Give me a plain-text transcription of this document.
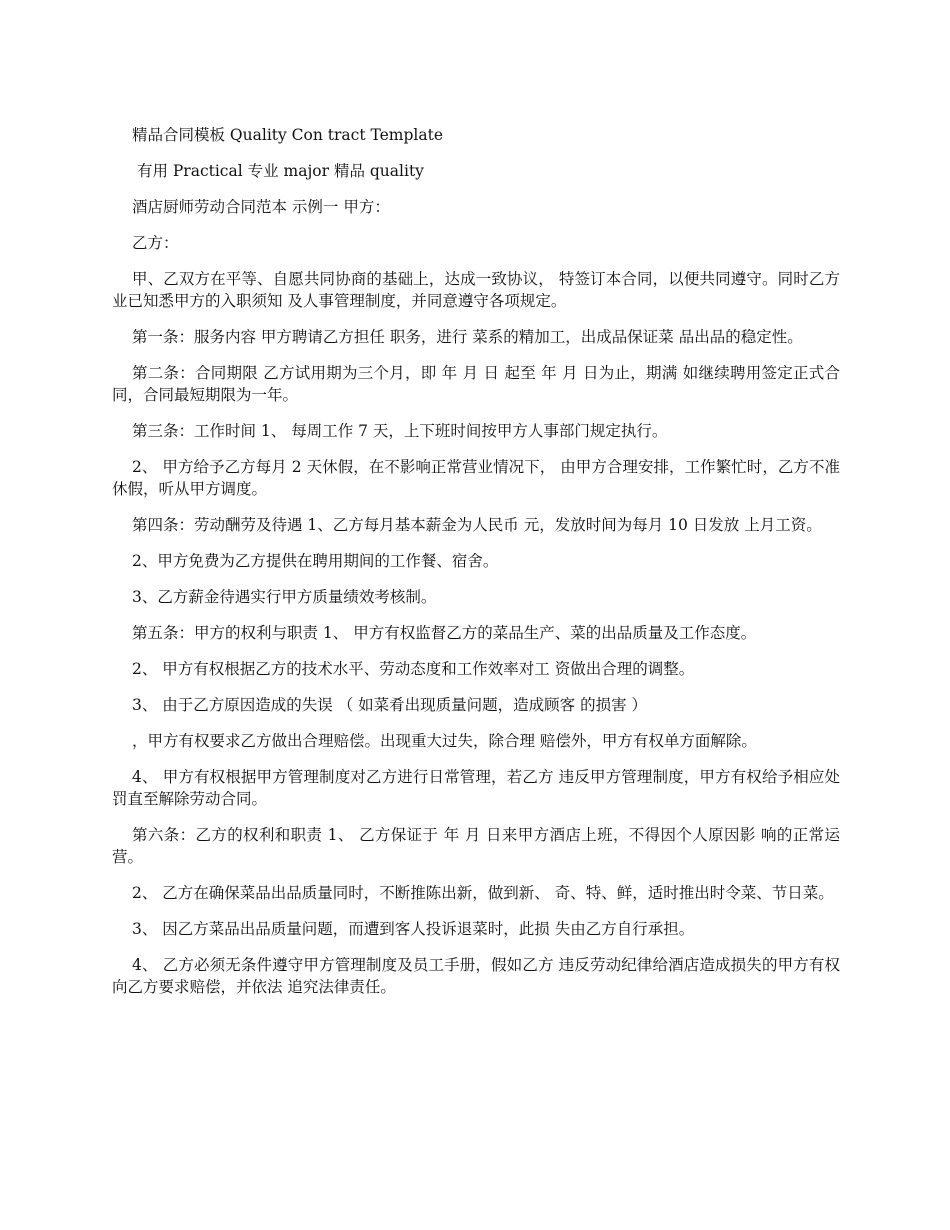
精品合同模板 Quality Con tract Template

有用 Practical 专业 major 精品 quality

酒店厨师劳动合同范本 示例一 甲方：

乙方：

甲、乙双方在平等、自愿共同协商的基础上，达成一致协议， 特签订本合同，以便共同遵守。同时乙方业已知悉甲方的入职须知 及人事管理制度，并同意遵守各项规定。

第一条：服务内容 甲方聘请乙方担任 职务，进行 菜系的精加工，出成品保证菜 品出品的稳定性。

第二条：合同期限 乙方试用期为三个月，即 年 月 日 起至 年 月 日为止，期满 如继续聘用签定正式合同，合同最短期限为一年。

第三条：工作时间 1、 每周工作 7 天，上下班时间按甲方人事部门规定执行。

2、 甲方给予乙方每月 2 天休假，在不影响正常营业情况下， 由甲方合理安排，工作繁忙时，乙方不准休假，听从甲方调度。

第四条：劳动酬劳及待遇 1、乙方每月基本薪金为人民币 元，发放时间为每月 10 日发放 上月工资。

2、甲方免费为乙方提供在聘用期间的工作餐、宿舍。

3、乙方薪金待遇实行甲方质量绩效考核制。

第五条：甲方的权利与职责 1、 甲方有权监督乙方的菜品生产、菜的出品质量及工作态度。

2、 甲方有权根据乙方的技术水平、劳动态度和工作效率对工 资做出合理的调整。

3、 由于乙方原因造成的失误 （ 如菜肴出现质量问题，造成顾客 的损害 ）

，甲方有权要求乙方做出合理赔偿。出现重大过失，除合理 赔偿外，甲方有权单方面解除。

4、 甲方有权根据甲方管理制度对乙方进行日常管理，若乙方 违反甲方管理制度，甲方有权给予相应处罚直至解除劳动合同。

第六条：乙方的权利和职责 1、 乙方保证于 年 月 日来甲方酒店上班，不得因个人原因影 响的正常运营。

2、 乙方在确保菜品出品质量同时，不断推陈出新，做到新、 奇、特、鲜，适时推出时令菜、节日菜。

3、 因乙方菜品出品质量问题，而遭到客人投诉退菜时，此损 失由乙方自行承担。

4、 乙方必须无条件遵守甲方管理制度及员工手册，假如乙方 违反劳动纪律给酒店造成损失的甲方有权向乙方要求赔偿，并依法 追究法律责任。
